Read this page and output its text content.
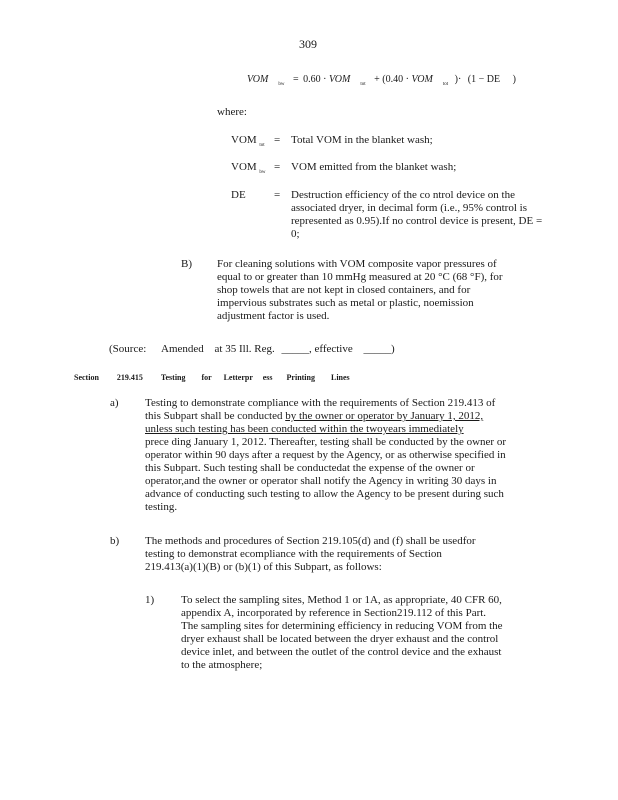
309
VOM $_{bw}$ = 0.60 · VOM $_{tot}$ + (0.40 · VOM $_{tot}$ )· (1 − DE )
where:
VOM $_{tot}$ = Total VOM in the blanket wash;
VOM $_{bw}$ = VOM emitted from the blanket wash;
DE	= Destruction efficiency of the co ntrol device on the
associated dryer, in decimal form (i.e., 95% control is
represented as 0.95).If no control device is present, DE =
0;
B) For cleaning solutions with VOM composite vapor pressures of
equal to or greater than 10 mmHg measured at 20 °C (68 °F), for
shop towels that are not kept in closed containers, and for
impervious substrates such as metal or plastic, noemission
adjustment factor is used.
(Source: Amended at 35 Ill. Reg. _____, effective _____)
Section 219.415 Testing for Letterpr ess Printing Lines
a) Testing to demonstrate compliance with the requirements of Section 219.413 of
this Subpart shall be conducted by the owner or operator by January 1, 2012,
unless such testing has been conducted within the twoyears immediately
prece ding January 1, 2012. Thereafter, testing shall be conducted by the owner or
operator within 90 days after a request by the Agency, or as otherwise specified in
this Subpart. Such testing shall be conductedat the expense of the owner or
operator,and the owner or operator shall notify the Agency in writing 30 days in
advance of conducting such testing to allow the Agency to be present during such
testing.
b) The methods and procedures of Section 219.105(d) and (f) shall be usedfor
testing to demonstrat ecompliance with the requirements of Section
219.413(a)(1)(B) or (b)(1) of this Subpart, as follows:
1) To select the sampling sites, Method 1 or 1A, as appropriate, 40 CFR 60,
appendix A, incorporated by reference in Section219.112 of this Part.
The sampling sites for determining efficiency in reducing VOM from the
dryer exhaust shall be located between the dryer exhaust and the control
device inlet, and between the outlet of the control device and the exhaust
to the atmosphere;
